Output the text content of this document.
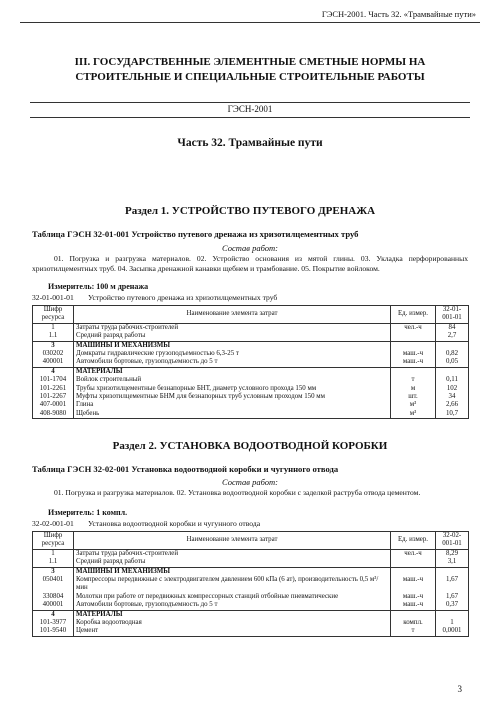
ГЭСН-2001. Часть 32. «Трамвайные пути»
III. ГОСУДАРСТВЕННЫЕ ЭЛЕМЕНТНЫЕ СМЕТНЫЕ НОРМЫ НА
СТРОИТЕЛЬНЫЕ И СПЕЦИАЛЬНЫЕ СТРОИТЕЛЬНЫЕ РАБОТЫ
ГЭСН-2001
Часть 32. Трамвайные пути
Раздел 1. УСТРОЙСТВО ПУТЕВОГО ДРЕНАЖА
Таблица ГЭСН 32-01-001 Устройство путевого дренажа из хризотилцементных труб
Состав работ:
01. Погрузка и разгрузка материалов. 02. Устройство основания из мятой глины. 03. Укладка перфорированных хризотилцементных труб. 04. Засыпка дренажной канавки щебнем и трамбование. 05. Покрытие войлоком.
Измеритель: 100 м дренажа
32-01-001-01 Устройство путевого дренажа из хризотилцементных труб
Шифр ресурса	Наименование элемента затрат	Ед. измер.	32-01-001-01
1	Затраты труда рабочих-строителей	чел.-ч	84
1.1	Средний разряд работы		2,7
3	МАШИНЫ И МЕХАНИЗМЫ		
030202	Домкраты гидравлические грузоподъемностью 6,3-25 т	маш.-ч	0,82
400001	Автомобили бортовые, грузоподъемность до 5 т	маш.-ч	0,05
4	МАТЕРИАЛЫ		
101-1704	Войлок строительный	т	0,11
101-2261	Трубы хризотилцементные безнапорные БНТ, диаметр условного прохода 150 мм	м	102
101-2267	Муфты хризотилцементные БНМ для безнапорных труб условным проходом 150 мм	шт.	34
407-0001	Глина	м³	2,66
408-9080	Щебень	м³	10,7
Раздел 2. УСТАНОВКА ВОДООТВОДНОЙ КОРОБКИ
Таблица ГЭСН 32-02-001 Установка водоотводной коробки и чугунного отвода
Состав работ:
01. Погрузка и разгрузка материалов. 02. Установка водоотводной коробки с заделкой раструба отвода цементом.
Измеритель: 1 компл.
32-02-001-01 Установка водоотводной коробки и чугунного отвода
Шифр ресурса	Наименование элемента затрат	Ед. измер.	32-02-001-01
1	Затраты труда рабочих-строителей	чел.-ч	8,29
1.1	Средний разряд работы		3,1
3	МАШИНЫ И МЕХАНИЗМЫ		
050401	Компрессоры передвижные с электродвигателем давлением 600 кПа (6 ат), производительность 0,5 м³/мин	маш.-ч	1,67
330804	Молотки при работе от передвижных компрессорных станций отбойные пневматические	маш.-ч	1,67
400001	Автомобили бортовые, грузоподъемность до 5 т	маш.-ч	0,37
4	МАТЕРИАЛЫ		
101-3977	Коробка водоотводная	компл.	1
101-9540	Цемент	т	0,0001
3
